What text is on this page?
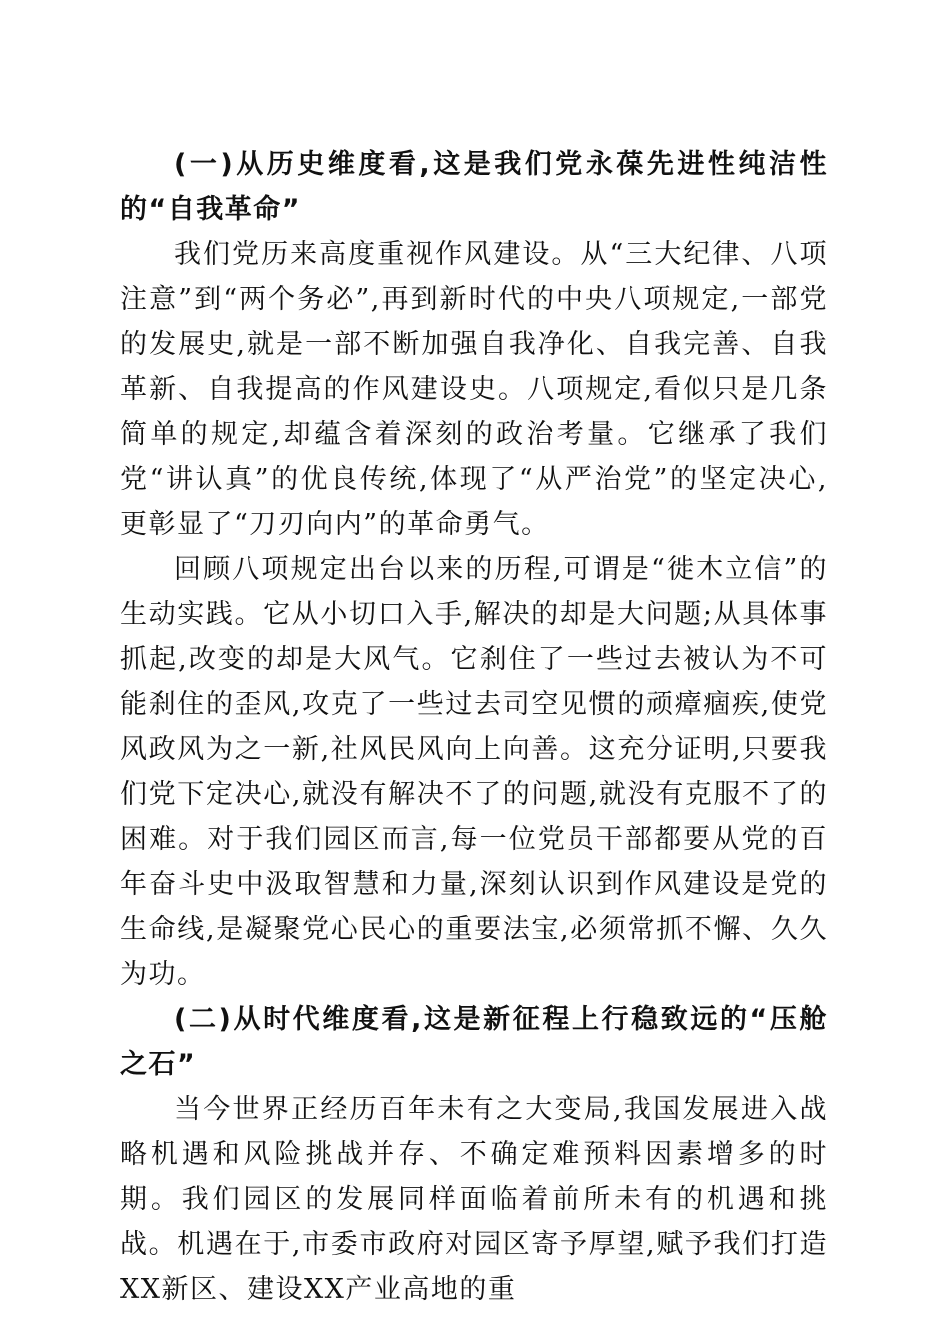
(一)从历史维度看,这是我们党永葆先进性纯洁性的“自我革命”

我们党历来高度重视作风建设。从“三大纪律、八项注意”到“两个务必”,再到新时代的中央八项规定,一部党的发展史,就是一部不断加强自我净化、自我完善、自我革新、自我提高的作风建设史。八项规定,看似只是几条简单的规定,却蕴含着深刻的政治考量。它继承了我们党“讲认真”的优良传统,体现了“从严治党”的坚定决心,更彰显了“刀刃向内”的革命勇气。

回顾八项规定出台以来的历程,可谓是“徙木立信”的生动实践。它从小切口入手,解决的却是大问题;从具体事抓起,改变的却是大风气。它刹住了一些过去被认为不可能刹住的歪风,攻克了一些过去司空见惯的顽瘴痼疾,使党风政风为之一新,社风民风向上向善。这充分证明,只要我们党下定决心,就没有解决不了的问题,就没有克服不了的困难。对于我们园区而言,每一位党员干部都要从党的百年奋斗史中汲取智慧和力量,深刻认识到作风建设是党的生命线,是凝聚党心民心的重要法宝,必须常抓不懈、久久为功。

(二)从时代维度看,这是新征程上行稳致远的“压舱之石”

当今世界正经历百年未有之大变局,我国发展进入战略机遇和风险挑战并存、不确定难预料因素增多的时期。我们园区的发展同样面临着前所未有的机遇和挑战。机遇在于,市委市政府对园区寄予厚望,赋予我们打造XX新区、建设XX产业高地的重
